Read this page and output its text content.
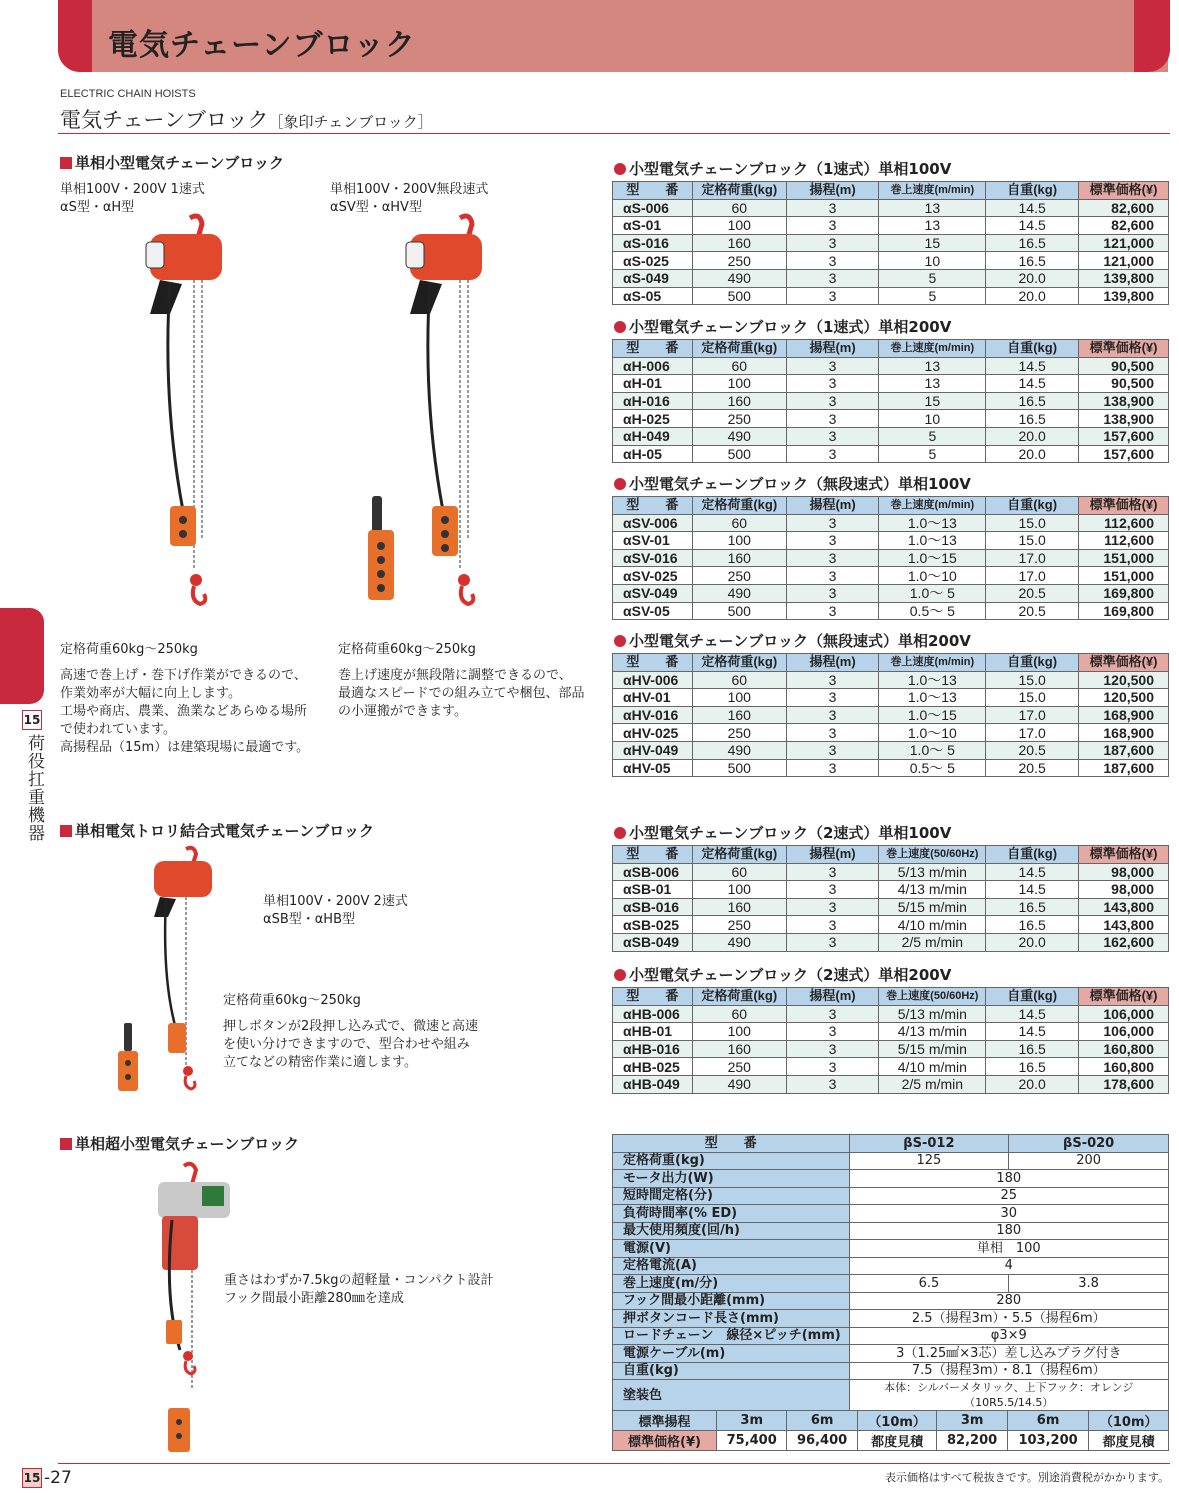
電気チェーンブロック
ELECTRIC CHAIN HOISTS
電気チェーンブロック［象印チェンブロック］
15
荷役扛重機器
単相小型電気チェーンブロック
単相100V・200V 1速式
αS型・αH型
単相100V・200V無段速式
αSV型・αHV型
定格荷重60kg～250kg
高速で巻上げ・巻下げ作業ができるので、
作業効率が大幅に向上します。
工場や商店、農業、漁業などあらゆる場所
で使われています。
高揚程品（15m）は建築現場に最適です。
定格荷重60kg～250kg
巻上げ速度が無段階に調整できるので、
最適なスピードでの組み立てや梱包、部品
の小運搬ができます。
単相電気トロリ結合式電気チェーンブロック
単相100V・200V 2速式
αSB型・αHB型
定格荷重60kg～250kg
押しボタンが2段押し込み式で、微速と高速
を使い分けできますので、型合わせや組み
立てなどの精密作業に適します。
単相超小型電気チェーンブロック
重さはわずか7.5kgの超軽量・コンパクト設計
フック間最小距離280㎜を達成
小型電気チェーンブロック（1速式）単相100V
型　　番	定格荷重(kg)	揚程(m)	巻上速度(m/min)	自重(kg)	標準価格(¥)
αS-006	60	3	13	14.5	82,600
αS-01	100	3	13	14.5	82,600
αS-016	160	3	15	16.5	121,000
αS-025	250	3	10	16.5	121,000
αS-049	490	3	5	20.0	139,800
αS-05	500	3	5	20.0	139,800
小型電気チェーンブロック（1速式）単相200V
型　　番	定格荷重(kg)	揚程(m)	巻上速度(m/min)	自重(kg)	標準価格(¥)
αH-006	60	3	13	14.5	90,500
αH-01	100	3	13	14.5	90,500
αH-016	160	3	15	16.5	138,900
αH-025	250	3	10	16.5	138,900
αH-049	490	3	5	20.0	157,600
αH-05	500	3	5	20.0	157,600
小型電気チェーンブロック（無段速式）単相100V
型　　番	定格荷重(kg)	揚程(m)	巻上速度(m/min)	自重(kg)	標準価格(¥)
αSV-006	60	3	1.0～13	15.0	112,600
αSV-01	100	3	1.0～13	15.0	112,600
αSV-016	160	3	1.0～15	17.0	151,000
αSV-025	250	3	1.0～10	17.0	151,000
αSV-049	490	3	1.0～ 5	20.5	169,800
αSV-05	500	3	0.5～ 5	20.5	169,800
小型電気チェーンブロック（無段速式）単相200V
型　　番	定格荷重(kg)	揚程(m)	巻上速度(m/min)	自重(kg)	標準価格(¥)
αHV-006	60	3	1.0～13	15.0	120,500
αHV-01	100	3	1.0～13	15.0	120,500
αHV-016	160	3	1.0～15	17.0	168,900
αHV-025	250	3	1.0～10	17.0	168,900
αHV-049	490	3	1.0～ 5	20.5	187,600
αHV-05	500	3	0.5～ 5	20.5	187,600
小型電気チェーンブロック（2速式）単相100V
型　　番	定格荷重(kg)	揚程(m)	巻上速度(50/60Hz)	自重(kg)	標準価格(¥)
αSB-006	60	3	5/13 m/min	14.5	98,000
αSB-01	100	3	4/13 m/min	14.5	98,000
αSB-016	160	3	5/15 m/min	16.5	143,800
αSB-025	250	3	4/10 m/min	16.5	143,800
αSB-049	490	3	2/5 m/min	20.0	162,600
小型電気チェーンブロック（2速式）単相200V
型　　番	定格荷重(kg)	揚程(m)	巻上速度(50/60Hz)	自重(kg)	標準価格(¥)
αHB-006	60	3	5/13 m/min	14.5	106,000
αHB-01	100	3	4/13 m/min	14.5	106,000
αHB-016	160	3	5/15 m/min	16.5	160,800
αHB-025	250	3	4/10 m/min	16.5	160,800
αHB-049	490	3	2/5 m/min	20.0	178,600
型　　番	βS-012	βS-020
定格荷重(kg)	125	200
モータ出力(W)	180	
短時間定格(分)	25	
負荷時間率(% ED)	30	
最大使用頻度(回/h)	180	
電源(V)	単相　100	
定格電流(A)	4	
巻上速度(m/分)	6.5	3.8
フック間最小距離(mm)	280	
押ボタンコード長さ(mm)	2.5（揚程3m）・5.5（揚程6m）	
ロードチェーン　線径×ピッチ(mm)	φ3×9	
電源ケーブル(m)	3（1.25㎟×3芯）差し込みプラグ付き	
自重(kg)	7.5（揚程3m）・8.1（揚程6m）	
塗装色	本体：シルバーメタリック、上下フック：オレンジ（10R5.5/14.5）	
標準揚程	3m	6m	（10m）	3m	6m	（10m）
標準価格(¥)	75,400	96,400	都度見積	82,200	103,200	都度見積
15 -27	表示価格はすべて税抜きです。別途消費税がかかります。
